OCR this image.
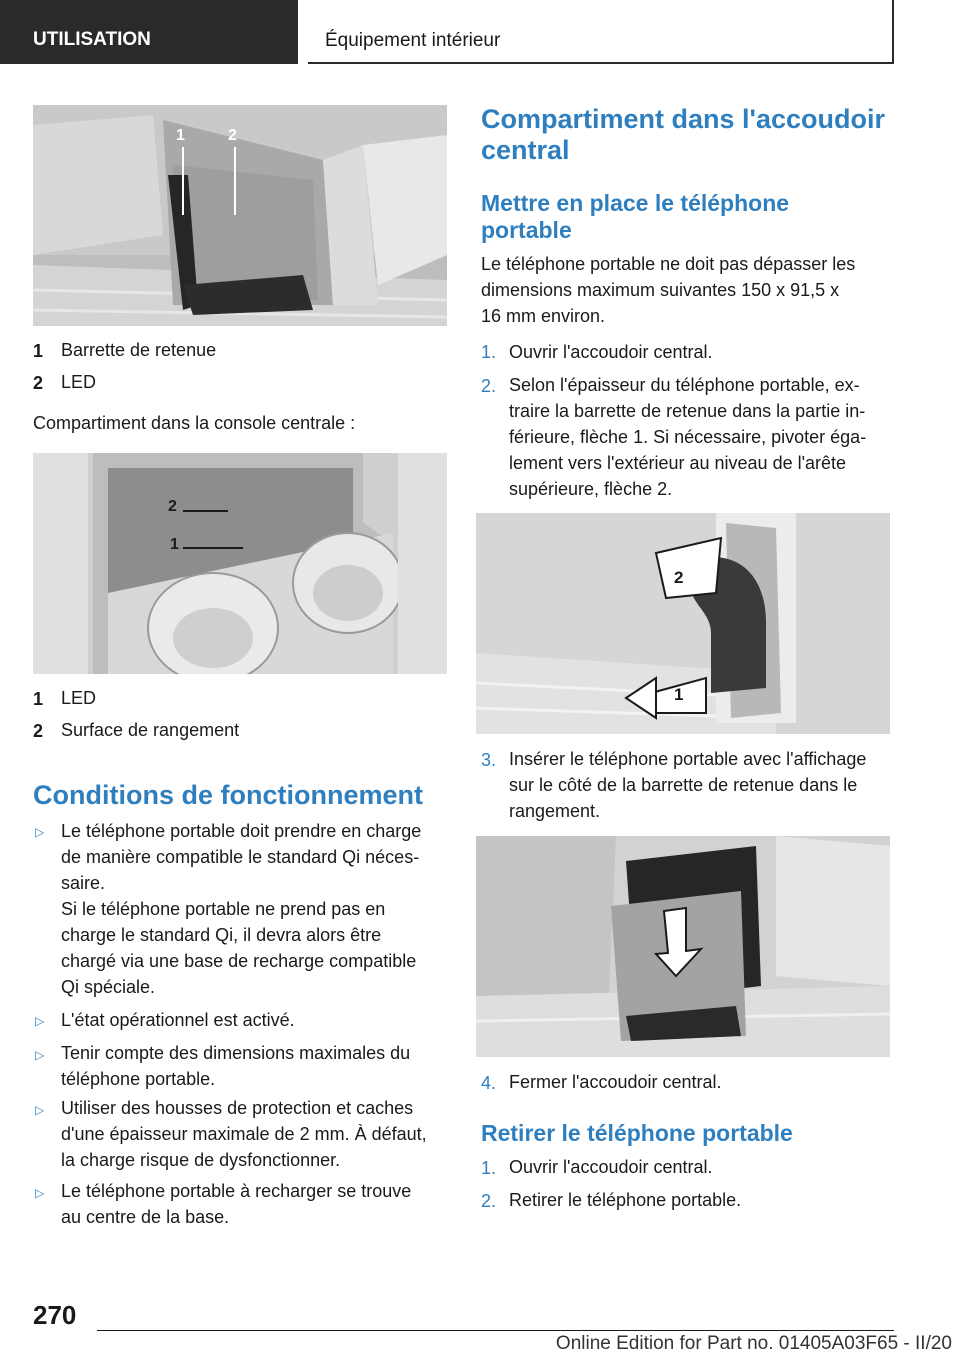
UTILISATION	Équipement intérieur
1	2
1 Barrette de retenue
2 LED
Compartiment dans la console centrale :
2
1
1 LED
2 Surface de rangement
Conditions de fonctionnement
▷ Le téléphone portable doit prendre en charge
de manière compatible le standard Qi néces-
saire.
Si le téléphone portable ne prend pas en
charge le standard Qi, il devra alors être
chargé via une base de recharge compatible
Qi spéciale.
▷ L'état opérationnel est activé.
▷ Tenir compte des dimensions maximales du
téléphone portable.
▷ Utiliser des housses de protection et caches
d'une épaisseur maximale de 2 mm. À défaut,
la charge risque de dysfonctionner.
▷ Le téléphone portable à recharger se trouve
au centre de la base.
Compartiment dans l'accoudoir
central
Mettre en place le téléphone
portable
Le téléphone portable ne doit pas dépasser les
dimensions maximum suivantes 150 x 91,5 x
16 mm environ.
1. Ouvrir l'accoudoir central.
2. Selon l'épaisseur du téléphone portable, ex-
traire la barrette de retenue dans la partie in-
férieure, flèche 1. Si nécessaire, pivoter éga-
lement vers l'extérieur au niveau de l'arête
supérieure, flèche 2.
2
1
3. Insérer le téléphone portable avec l'affichage
sur le côté de la barrette de retenue dans le
rangement.
4. Fermer l'accoudoir central.
Retirer le téléphone portable
1. Ouvrir l'accoudoir central.
2. Retirer le téléphone portable.
270
Online Edition for Part no. 01405A03F65 - II/20
